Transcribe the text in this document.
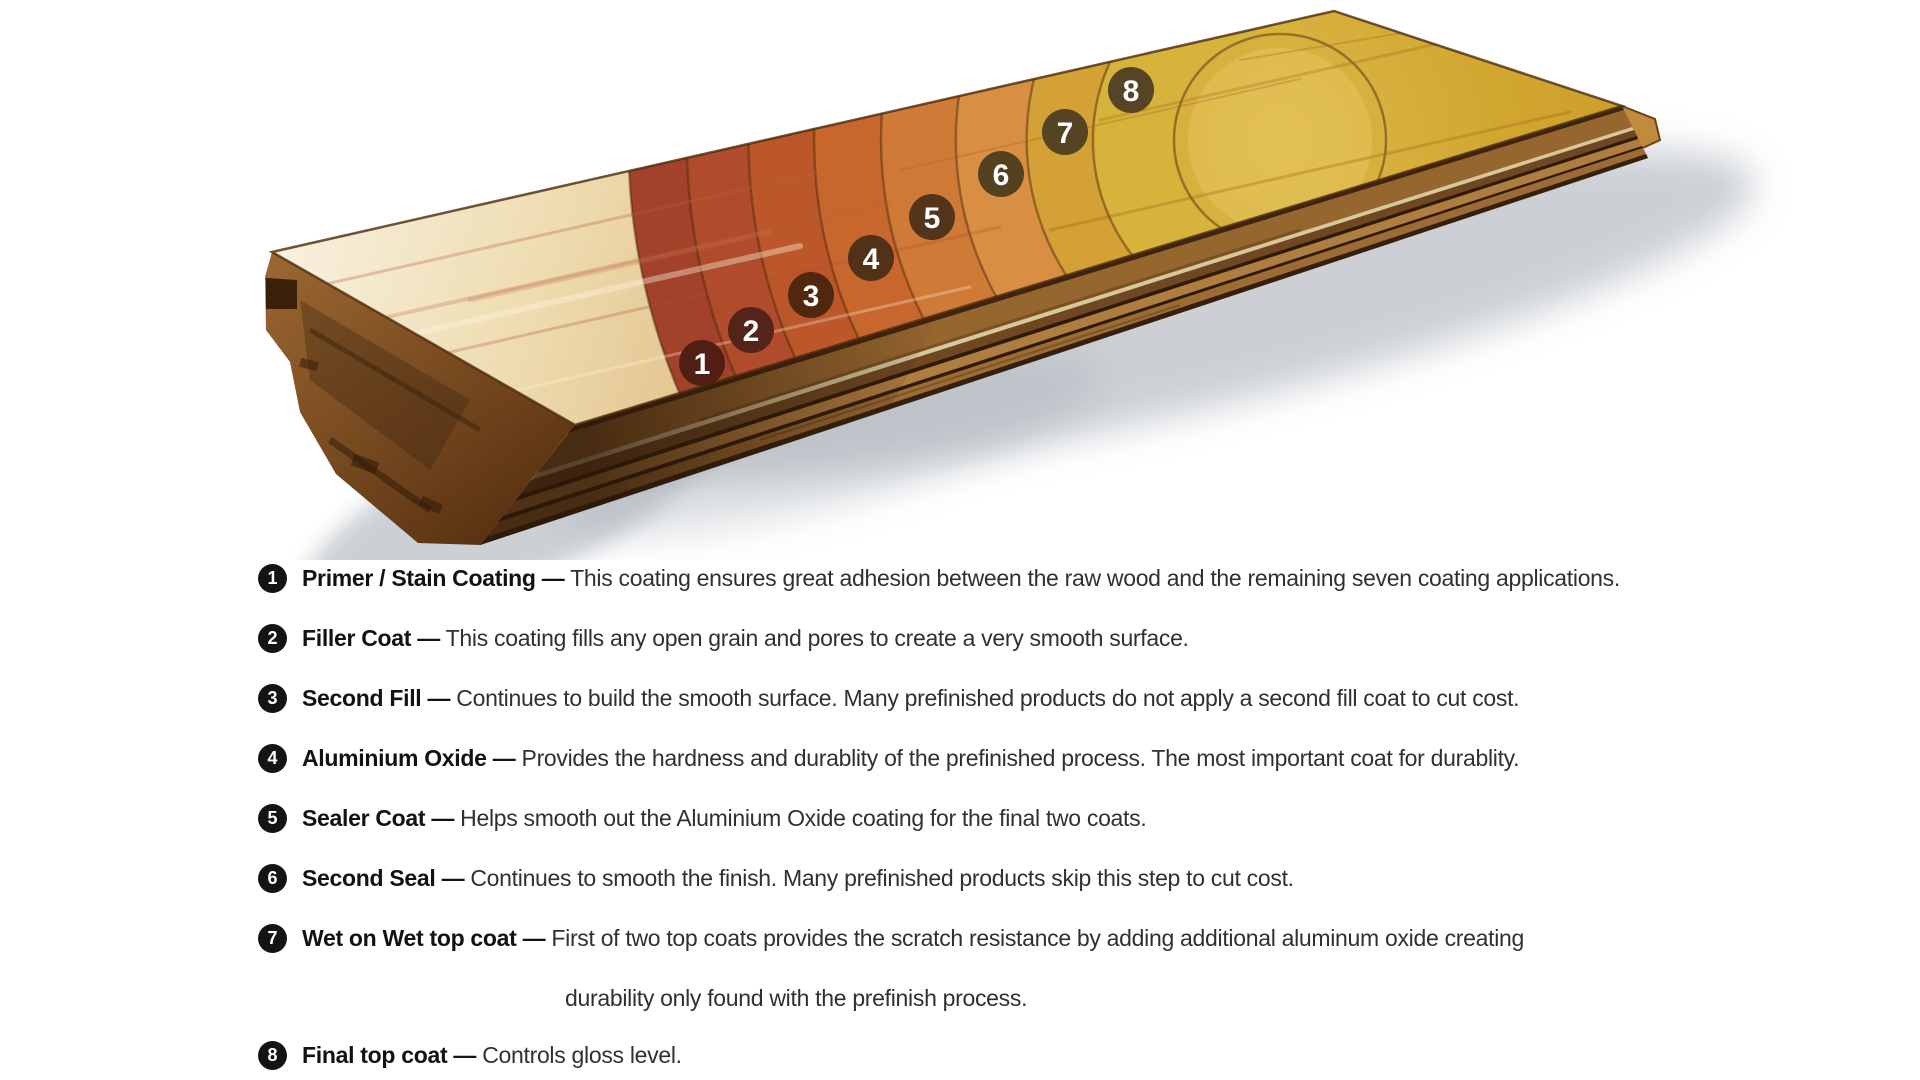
1
2
3
4
5
6
7
8
1	Primer / Stain Coating — This coating ensures great adhesion between the raw wood and the remaining seven coating applications.
2	Filler Coat — This coating fills any open grain and pores to create a very smooth surface.
3	Second Fill — Continues to build the smooth surface. Many prefinished products do not apply a second fill coat to cut cost.
4	Aluminium Oxide — Provides the hardness and durablity of the prefinished process. The most important coat for durablity.
5	Sealer Coat — Helps smooth out the Aluminium Oxide coating for the final two coats.
6	Second Seal — Continues to smooth the finish. Many prefinished products skip this step to cut cost.
7	Wet on Wet top coat — First of two top coats provides the scratch resistance by adding additional aluminum oxide creating
durability only found with the prefinish process.
8	Final top coat — Controls gloss level.
